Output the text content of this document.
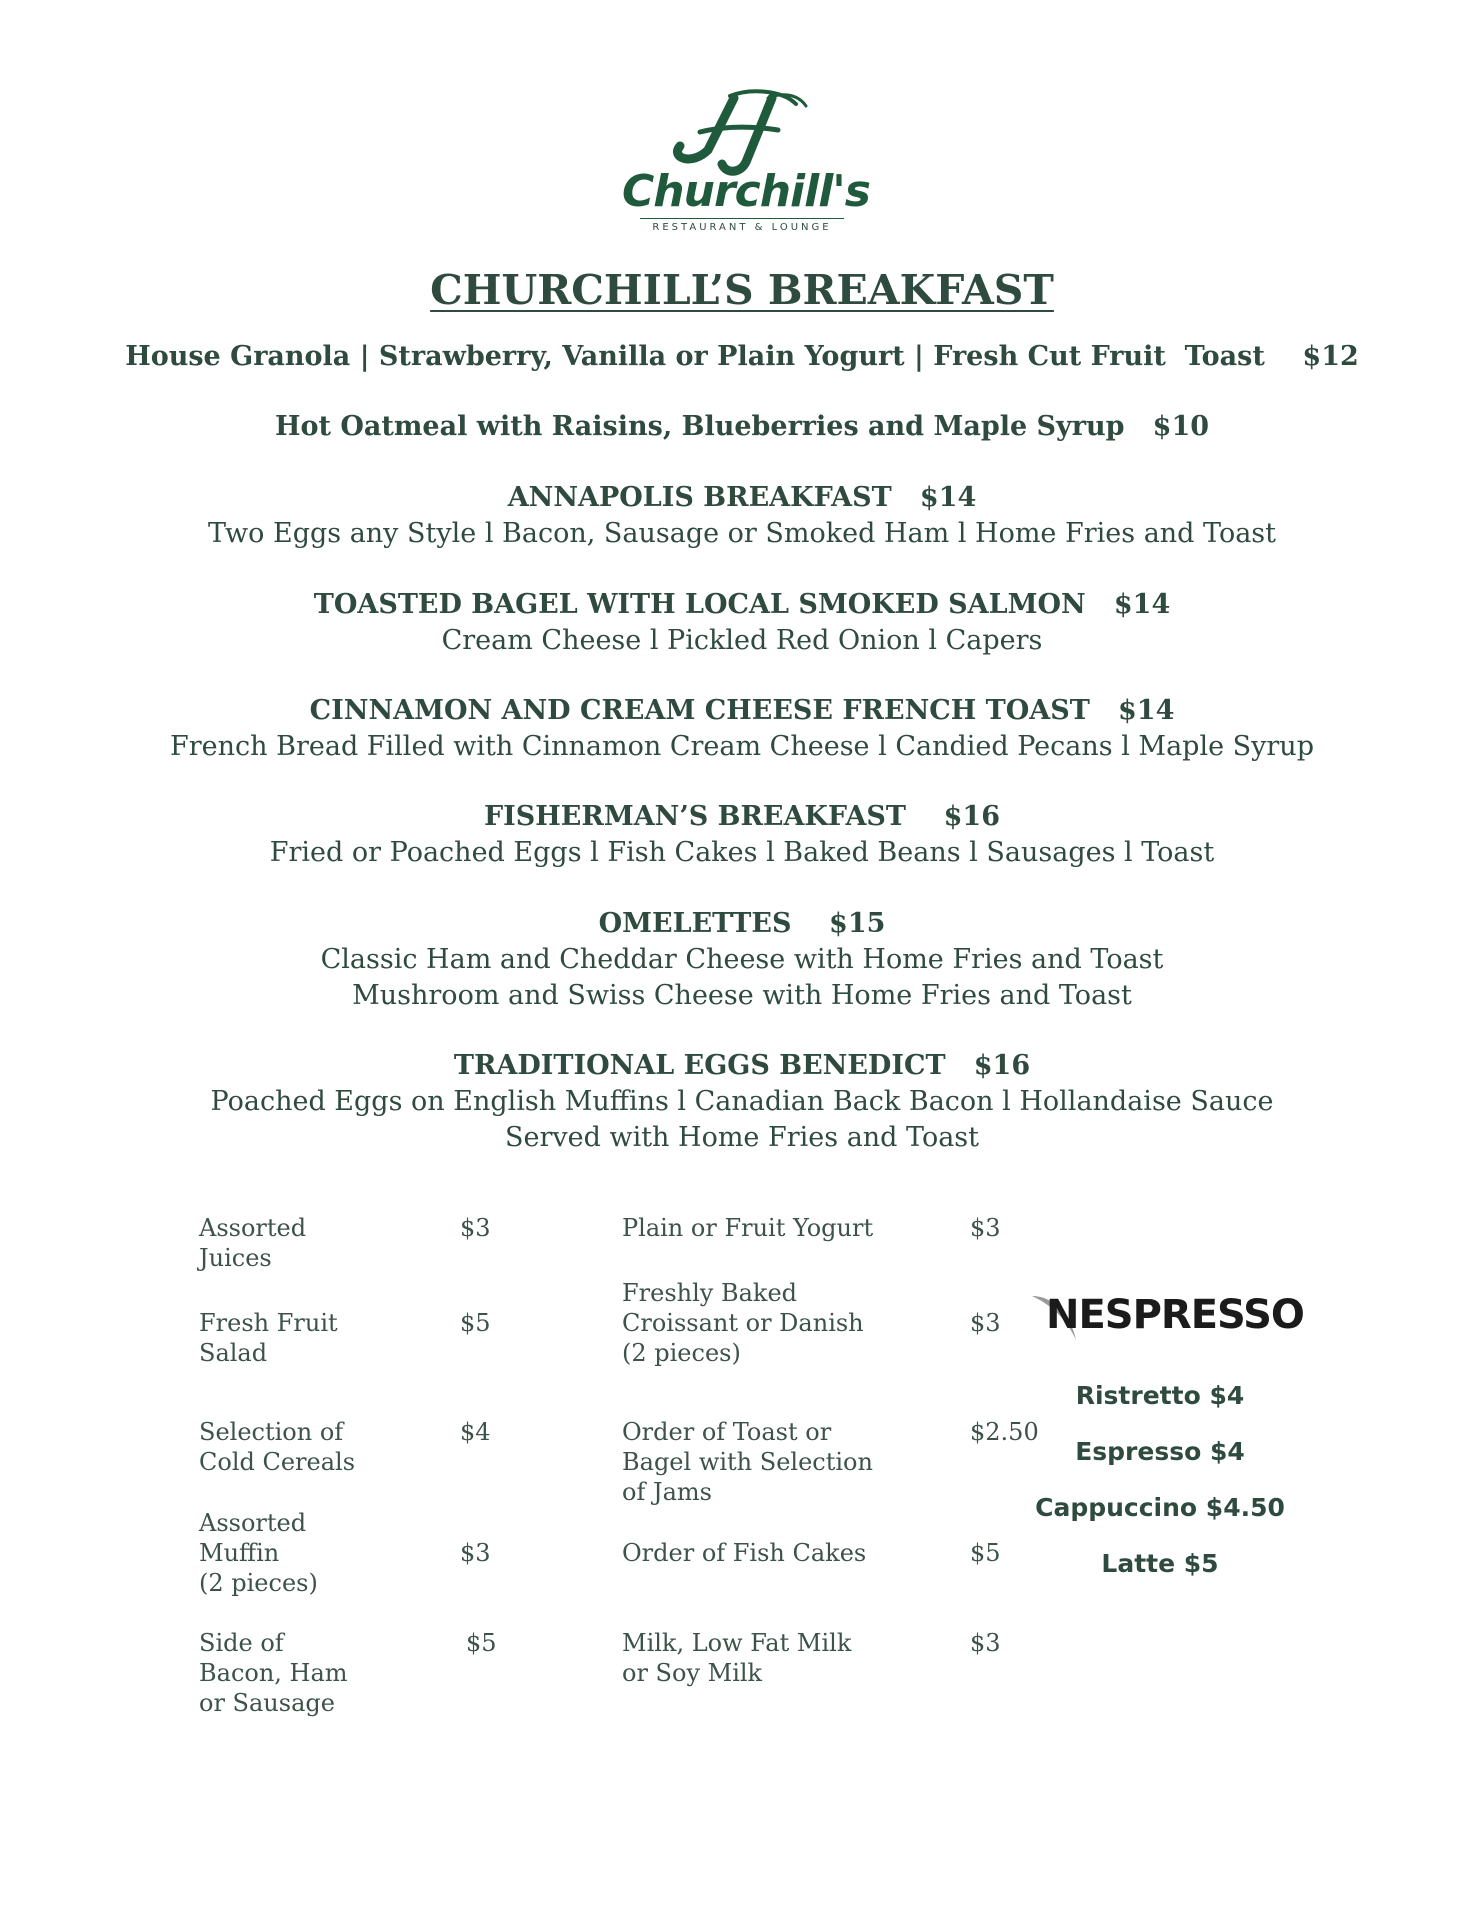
Churchill's
RESTAURANT & LOUNGE
CHURCHILL’S BREAKFAST
House Granola | Strawberry, Vanilla or Plain Yogurt | Fresh Cut Fruit  Toast    $12
Hot Oatmeal with Raisins, Blueberries and Maple Syrup   $10
ANNAPOLIS BREAKFAST   $14
Two Eggs any Style l Bacon, Sausage or Smoked Ham l Home Fries and Toast
TOASTED BAGEL WITH LOCAL SMOKED SALMON   $14
Cream Cheese l Pickled Red Onion l Capers
CINNAMON AND CREAM CHEESE FRENCH TOAST   $14
French Bread Filled with Cinnamon Cream Cheese l Candied Pecans l Maple Syrup
FISHERMAN’S BREAKFAST    $16
Fried or Poached Eggs l Fish Cakes l Baked Beans l Sausages l Toast
OMELETTES    $15
Classic Ham and Cheddar Cheese with Home Fries and Toast
Mushroom and Swiss Cheese with Home Fries and Toast
TRADITIONAL EGGS BENEDICT   $16
Poached Eggs on English Muffins l Canadian Back Bacon l Hollandaise Sauce
Served with Home Fries and Toast
Assorted
Juices
$3
Fresh Fruit
Salad
$5
Selection of
Cold Cereals
$4
Assorted
Muffin
(2 pieces)
$3
Side of
Bacon, Ham
or Sausage
$5
Plain or Fruit Yogurt	$3
Freshly Baked
Croissant or Danish
(2 pieces)
$3
Order of Toast or
Bagel with Selection
of Jams
$2.50
Order of Fish Cakes	$5
Milk, Low Fat Milk
or Soy Milk
$3
NESPRESSO
Ristretto $4
Espresso $4
Cappuccino $4.50
Latte $5
